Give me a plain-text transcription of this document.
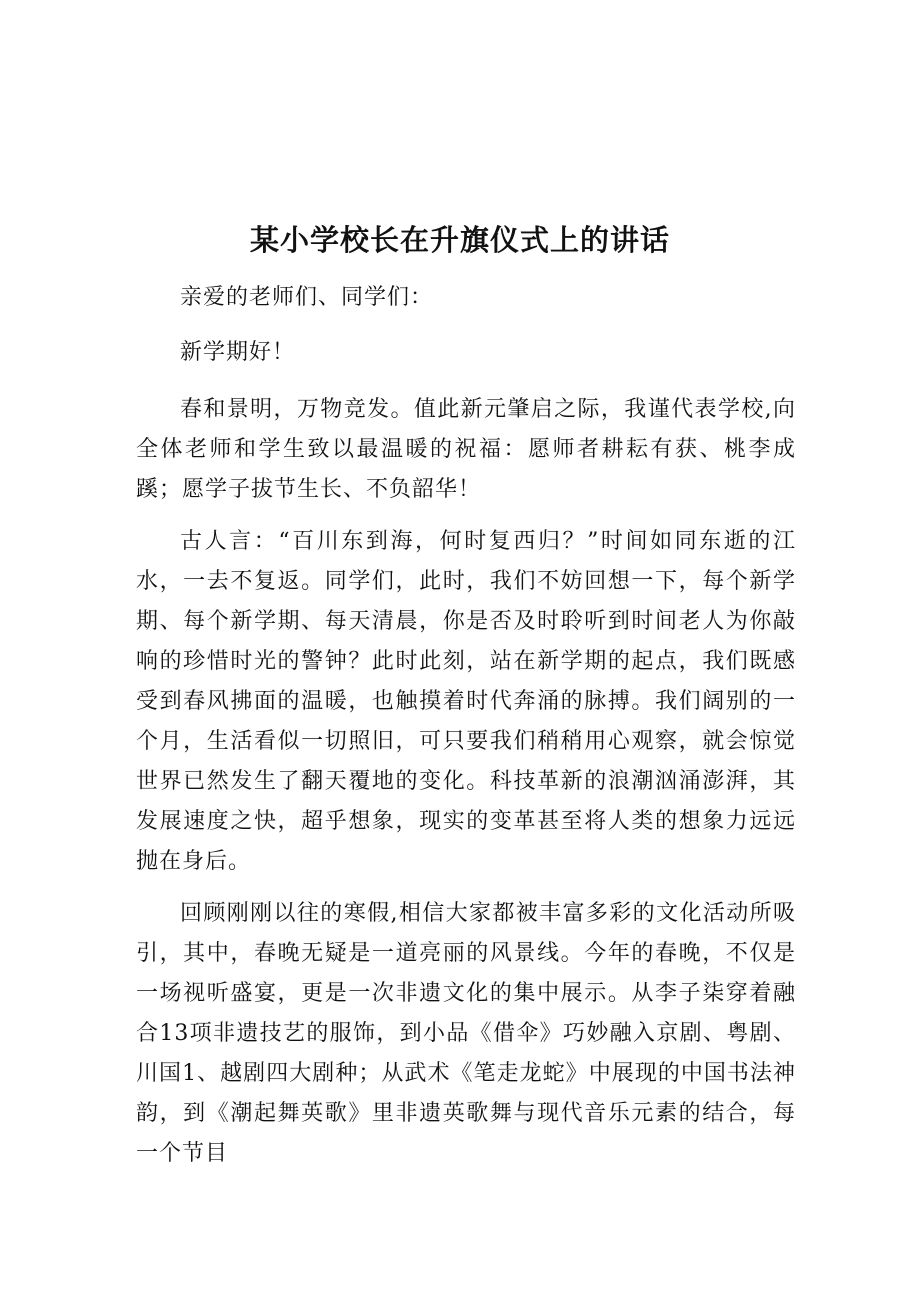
某小学校长在升旗仪式上的讲话

亲爱的老师们、同学们：

新学期好！

春和景明，万物竞发。值此新元肇启之际，我谨代表学校,向全体老师和学生致以最温暖的祝福：愿师者耕耘有获、桃李成蹊；愿学子拔节生长、不负韶华！

古人言：“百川东到海，何时复西归？”时间如同东逝的江水，一去不复返。同学们，此时，我们不妨回想一下，每个新学期、每个新学期、每天清晨，你是否及时聆听到时间老人为你敲响的珍惜时光的警钟？此时此刻，站在新学期的起点，我们既感受到春风拂面的温暖，也触摸着时代奔涌的脉搏。我们阔别的一个月，生活看似一切照旧，可只要我们稍稍用心观察，就会惊觉世界已然发生了翻天覆地的变化。科技革新的浪潮汹涌澎湃，其发展速度之快，超乎想象，现实的变革甚至将人类的想象力远远抛在身后。

回顾刚刚以往的寒假,相信大家都被丰富多彩的文化活动所吸引，其中，春晚无疑是一道亮丽的风景线。今年的春晚，不仅是一场视听盛宴，更是一次非遗文化的集中展示。从李子柒穿着融合13项非遗技艺的服饰，到小品《借伞》巧妙融入京剧、粤剧、川国1、越剧四大剧种；从武术《笔走龙蛇》中展现的中国书法神韵，到《潮起舞英歌》里非遗英歌舞与现代音乐元素的结合，每一个节目
